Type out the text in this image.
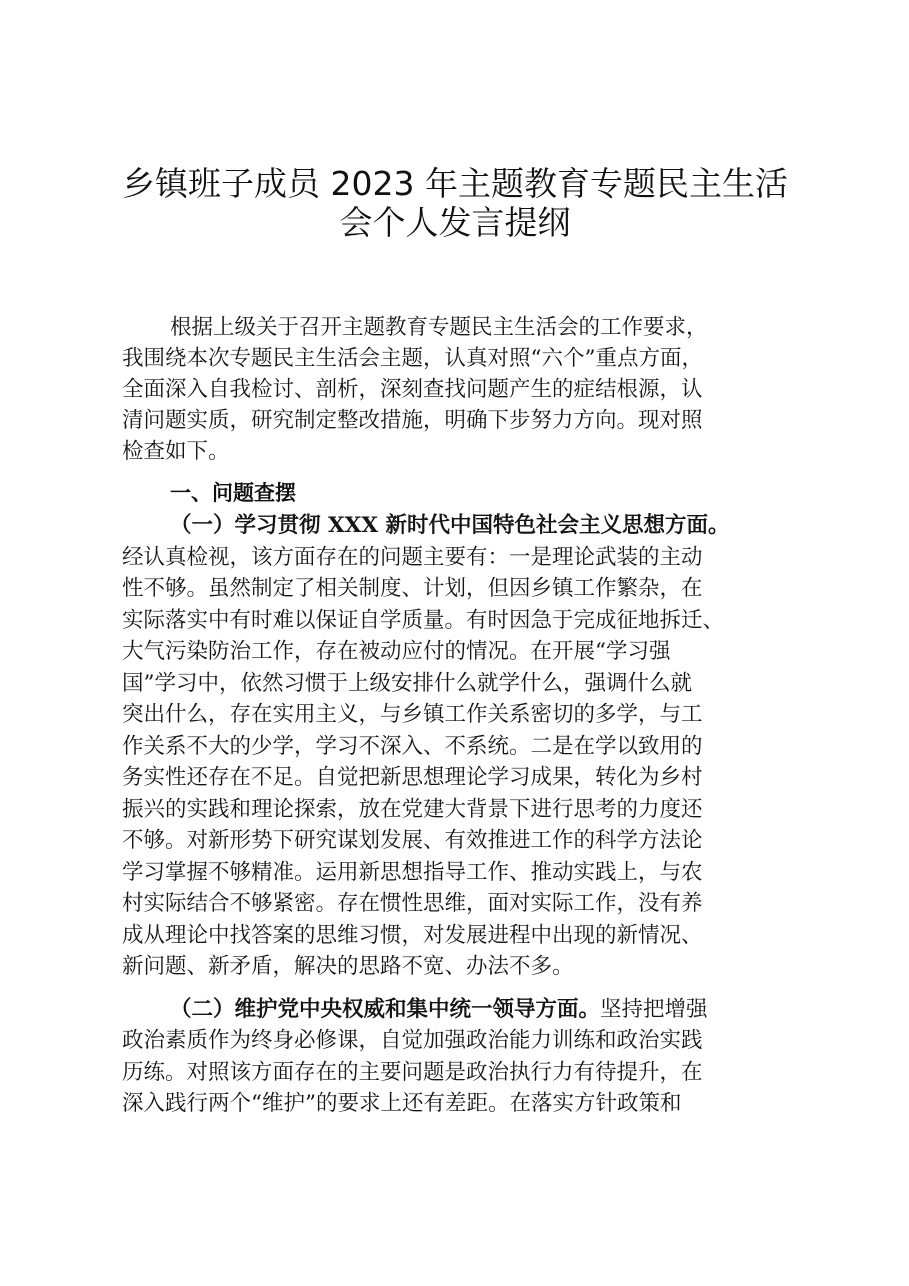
乡镇班子成员 2023 年主题教育专题民主生活
会个人发言提纲
根据上级关于召开主题教育专题民主生活会的工作要求，
我围绕本次专题民主生活会主题，认真对照“六个”重点方面，
全面深入自我检讨、剖析，深刻查找问题产生的症结根源，认
清问题实质，研究制定整改措施，明确下步努力方向。现对照
检查如下。
一、问题查摆
（一）学习贯彻 XXX 新时代中国特色社会主义思想方面。
经认真检视，该方面存在的问题主要有：一是理论武装的主动
性不够。虽然制定了相关制度、计划，但因乡镇工作繁杂，在
实际落实中有时难以保证自学质量。有时因急于完成征地拆迁、
大气污染防治工作，存在被动应付的情况。在开展“学习强
国”学习中，依然习惯于上级安排什么就学什么，强调什么就
突出什么，存在实用主义，与乡镇工作关系密切的多学，与工
作关系不大的少学，学习不深入、不系统。二是在学以致用的
务实性还存在不足。自觉把新思想理论学习成果，转化为乡村
振兴的实践和理论探索，放在党建大背景下进行思考的力度还
不够。对新形势下研究谋划发展、有效推进工作的科学方法论
学习掌握不够精准。运用新思想指导工作、推动实践上，与农
村实际结合不够紧密。存在惯性思维，面对实际工作，没有养
成从理论中找答案的思维习惯，对发展进程中出现的新情况、
新问题、新矛盾，解决的思路不宽、办法不多。
（二）维护党中央权威和集中统一领导方面。坚持把增强
政治素质作为终身必修课，自觉加强政治能力训练和政治实践
历练。对照该方面存在的主要问题是政治执行力有待提升，在
深入践行两个“维护”的要求上还有差距。在落实方针政策和
